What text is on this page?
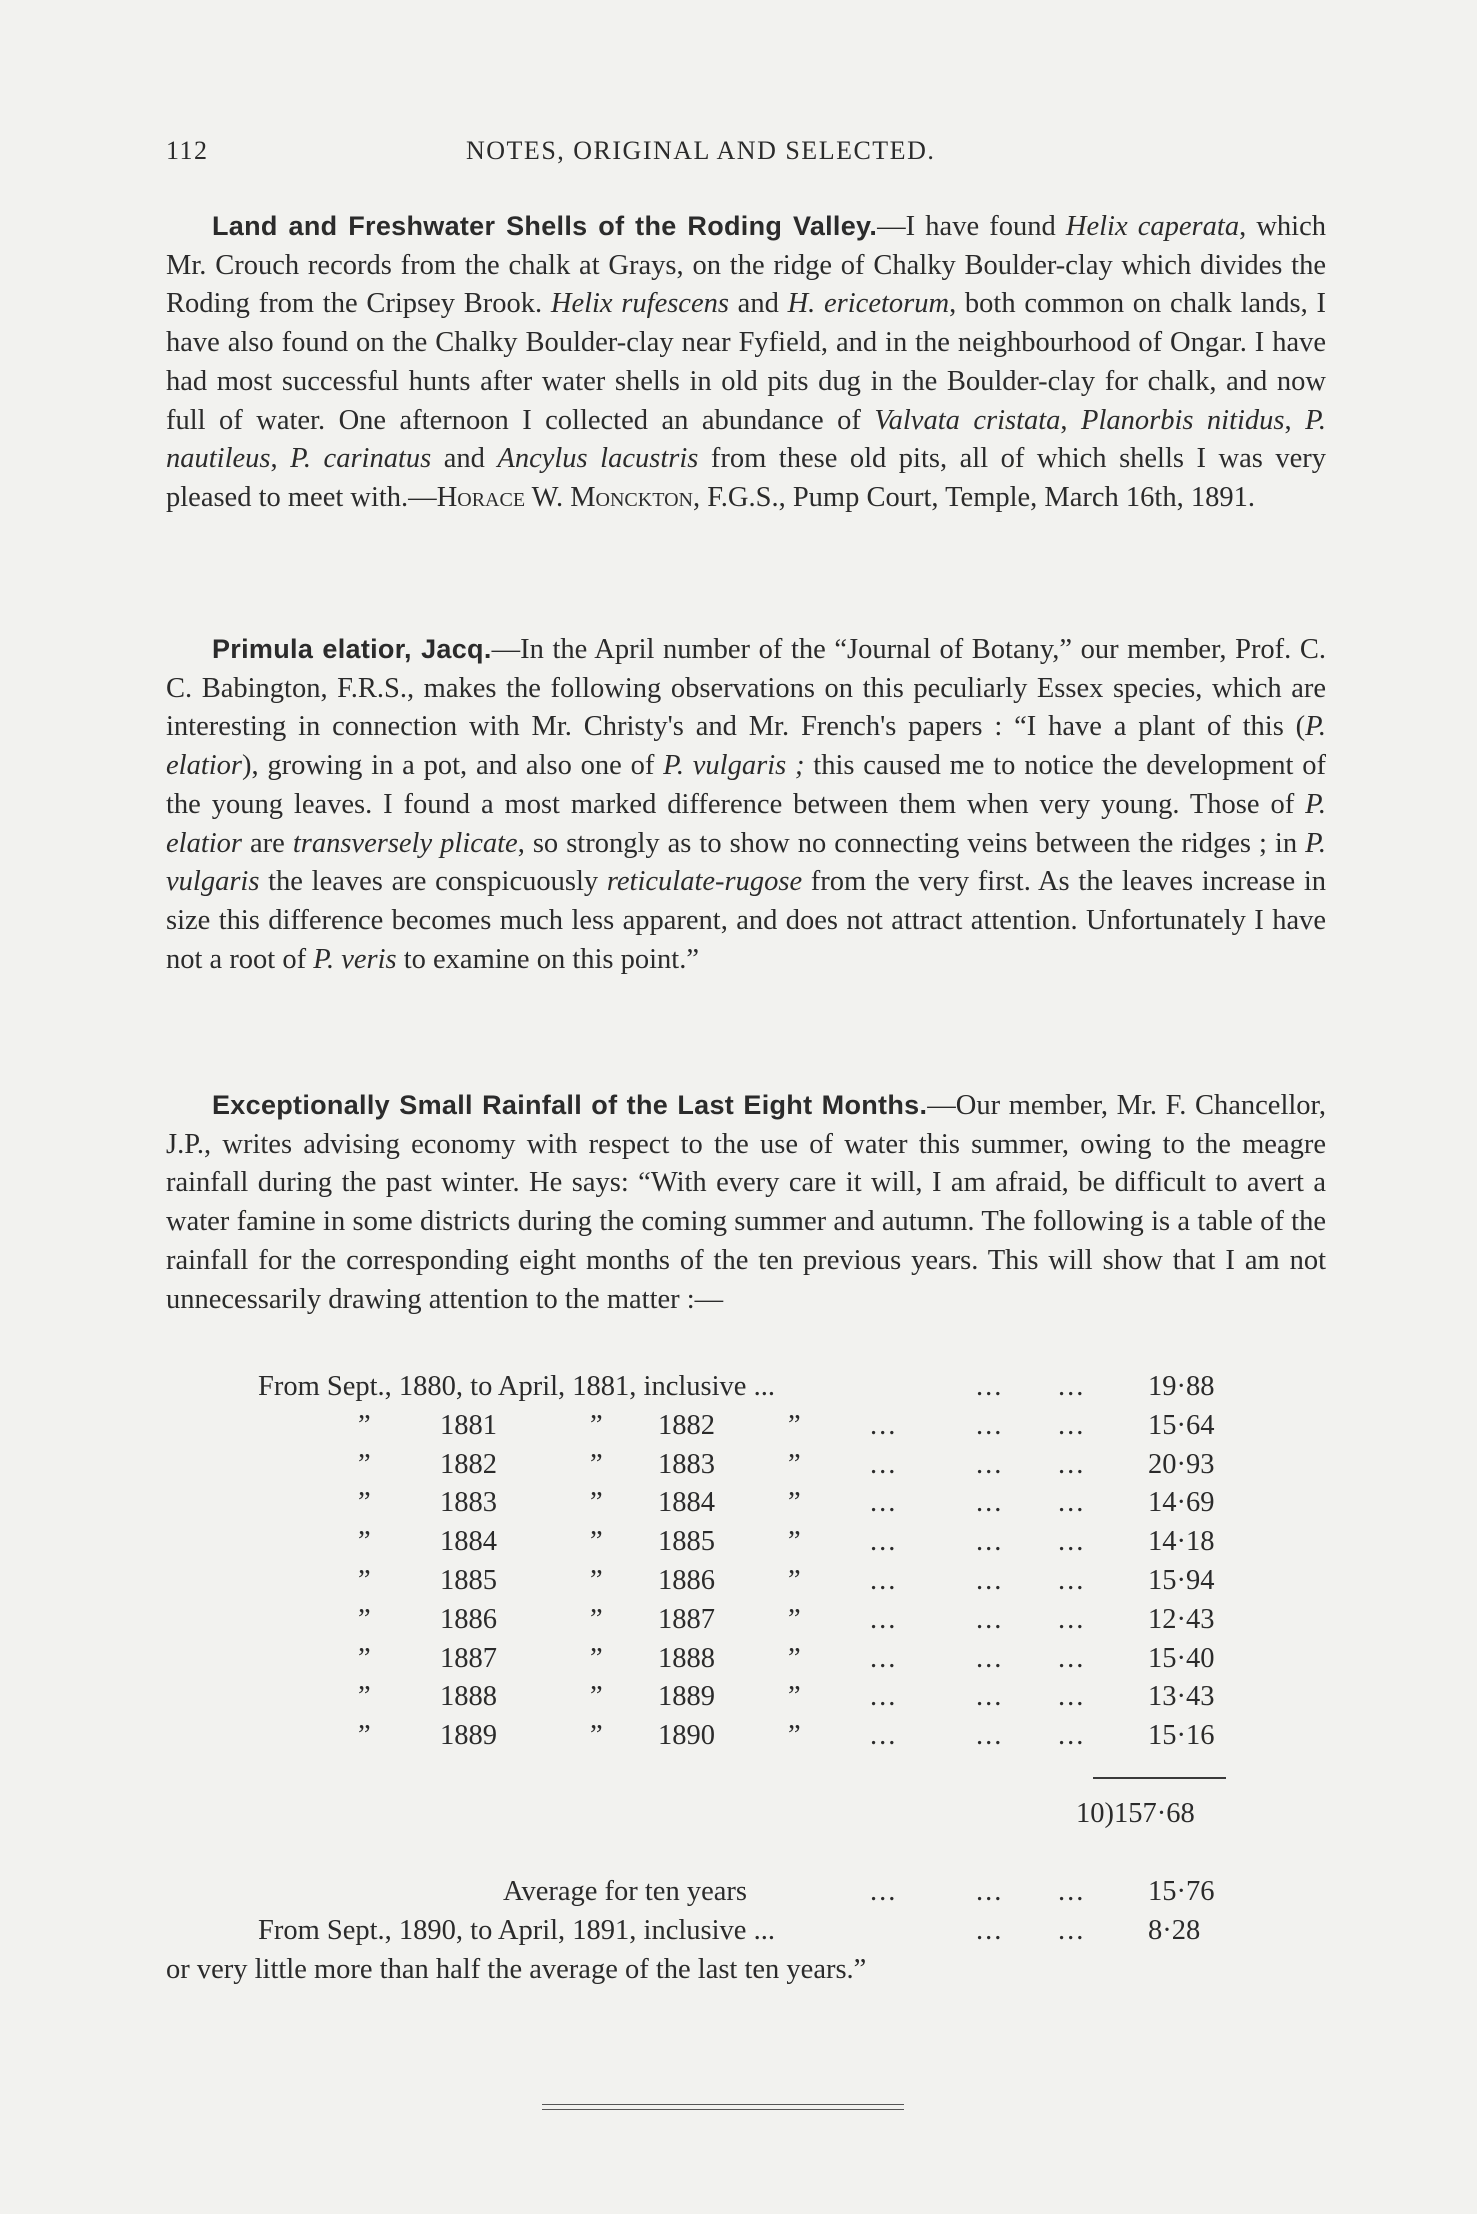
112	NOTES, ORIGINAL AND SELECTED.

Land and Freshwater Shells of the Roding Valley.—I have found Helix caperata, which Mr. Crouch records from the chalk at Grays, on the ridge of Chalky Boulder-clay which divides the Roding from the Cripsey Brook. Helix rufescens and H. ericetorum, both common on chalk lands, I have also found on the Chalky Boulder-clay near Fyfield, and in the neighbourhood of Ongar. I have had most successful hunts after water shells in old pits dug in the Boulder-clay for chalk, and now full of water. One afternoon I collected an abundance of Valvata cristata, Planorbis nitidus, P. nautileus, P. carinatus and Ancylus lacustris from these old pits, all of which shells I was very pleased to meet with.—Horace W. Monckton, F.G.S., Pump Court, Temple, March 16th, 1891.

Primula elatior, Jacq.—In the April number of the “Journal of Botany,” our member, Prof. C. C. Babington, F.R.S., makes the following observations on this peculiarly Essex species, which are interesting in connection with Mr. Christy's and Mr. French's papers : “I have a plant of this (P. elatior), growing in a pot, and also one of P. vulgaris ; this caused me to notice the development of the young leaves. I found a most marked difference between them when very young. Those of P. elatior are transversely plicate, so strongly as to show no connecting veins between the ridges ; in P. vulgaris the leaves are conspicuously reticulate-rugose from the very first. As the leaves increase in size this difference becomes much less apparent, and does not attract attention. Unfortunately I have not a root of P. veris to examine on this point.”

Exceptionally Small Rainfall of the Last Eight Months.—Our member, Mr. F. Chancellor, J.P., writes advising economy with respect to the use of water this summer, owing to the meagre rainfall during the past winter. He says: “With every care it will, I am afraid, be difficult to avert a water famine in some districts during the coming summer and autumn. The following is a table of the rainfall for the corresponding eight months of the ten previous years. This will show that I am not unnecessarily drawing attention to the matter :—

From Sept., 1880, to April, 1881, inclusive ...	... ... 19·88
” 1881	” 1882	” ...	... ... 15·64
” 1882	” 1883	” ...	... ... 20·93
” 1883	” 1884	” ...	... ... 14·69
” 1884	” 1885	” ...	... ... 14·18
” 1885	” 1886	” ...	... ... 15·94
” 1886	” 1887	” ...	... ... 12·43
” 1887	” 1888	” ...	... ... 15·40
” 1888	” 1889	” ...	... ... 13·43
” 1889	” 1890	” ...	... ... 15·16
10)157·68
Average for ten years	...	... ... 15·76
From Sept., 1890, to April, 1891, inclusive ...	... ... 8·28
or very little more than half the average of the last ten years.”
